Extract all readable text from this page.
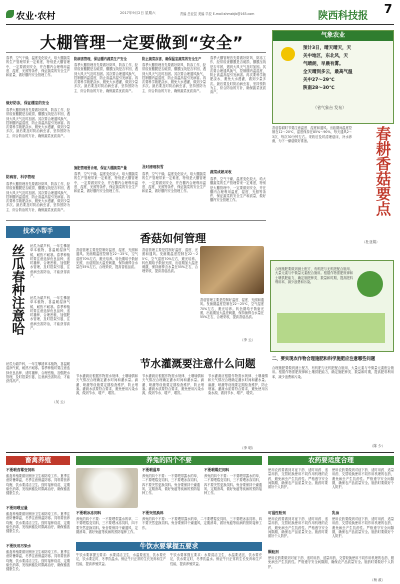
农业·农村	2017年9月2日 星期六	责编 岳亚昆 美编 毕辰 E-mail:shmxkjb@163.com	陕西科技报
7
大棚管理一定要做到“安全”
春季，空气干燥，温度变化较大，给大棚蔬菜的生产管理带来一定难度，特别是大棚管理中，一定要做到安全，并在棚内合理利用温度、湿度、光照等条件，保证蔬菜的安全生产和质量，做好棚内安全管理工作。
做好防冻，保证棚室的安全
春季大棚管理首先要做好防风、防冻工作，经常检查棚膜是否破损，棚膜压线是否牢固，遇到大风天气及时加固。其次要合理通风换气，控制棚内温湿度，防止高温高湿引发病害。再次要科学施肥浇水，避免大水漫灌，做到少量多次。最后要及时防治病虫害，坚持预防为主、综合防治的方针，确保蔬菜优质高产。
防病害，科学管理
春季大棚管理首先要做好防风、防冻工作，经常检查棚膜是否破损，棚膜压线是否牢固，遇到大风天气及时加固。其次要合理通风换气，控制棚内温湿度，防止高温高湿引发病害。再次要科学施肥浇水，避免大水漫灌，做到少量多次。最后要及时防治病虫害，坚持预防为主、综合防治的方针，确保蔬菜优质高产。
防病害管理，保证棚内蔬菜生产安全
春季大棚管理首先要做好防风、防冻工作，经常检查棚膜是否破损，棚膜压线是否牢固，遇到大风天气及时加固。其次要合理通风换气，控制棚内温湿度，防止高温高湿引发病害。再次要科学施肥浇水，避免大水漫灌，做到少量多次。最后要及时防治病虫害，坚持预防为主、综合防治的方针，确保蔬菜优质高产。
施肥管理要合理，保证大棚蔬菜产量
春季，空气干燥，温度变化较大，给大棚蔬菜的生产管理带来一定难度，特别是大棚管理中，一定要做到安全，并在棚内合理利用温度、湿度、光照等条件，保证蔬菜的安全生产和质量，做好棚内安全管理工作。
防止蔬菜冻害，确保温室蔬菜的安全生产
春季大棚管理首先要做好防风、防冻工作，经常检查棚膜是否破损，棚膜压线是否牢固，遇到大风天气及时加固。其次要合理通风换气，控制棚内温湿度，防止高温高湿引发病害。再次要科学施肥浇水，避免大水漫灌，做到少量多次。最后要及时防治病虫害，坚持预防为主、综合防治的方针，确保蔬菜优质高产。
及时清理积雪
春季，空气干燥，温度变化较大，给大棚蔬菜的生产管理带来一定难度，特别是大棚管理中，一定要做到安全，并在棚内合理利用温度、湿度、光照等条件，保证蔬菜的安全生产和质量，做好棚内安全管理工作。
春季大棚管理首先要做好防风、防冻工作，经常检查棚膜是否破损，棚膜压线是否牢固，遇到大风天气及时加固。其次要合理通风换气，控制棚内温湿度，防止高温高湿引发病害。再次要科学施肥浇水，避免大水漫灌，做到少量多次。最后要及时防治病虫害，坚持预防为主、综合防治的方针，确保蔬菜优质高产。
蔬菜成熟采收
春季，空气干燥，温度变化较大，给大棚蔬菜的生产管理带来一定难度，特别是大棚管理中，一定要做到安全，并在棚内合理利用温度、湿度、光照等条件，保证蔬菜的安全生产和质量，做好棚内安全管理工作。
气象农业
预计3日，晴天晴天，天
关中地区，东北风，天
气晴朗，早晨有雾。
全天晴到多云，最高气温
关中27～29℃
陕南28～30℃
（省气象台 发布）
香菇春耕时节要注意温度、湿度和通风。出菇期间温度控制在12～20℃，湿度保持在85%～90%，每天通风2～3次，每次30分钟左右。采收后及时清理菇床，补水养菌，为下一潮菇做好准备。	春耕香菇要点
（杜亚娟）
技术小帮手
丝瓜春种注意哈	丝瓜为葫芦科，一年生攀援草本植物，喜温暖湿润气候，耐热不耐寒。春季种植时要注意选择优良品种，适时播种，合理密植，加强肥水管理，及时搭架引蔓，注意病虫害防治，才能获得高产。
丝瓜为葫芦科，一年生攀援草本植物，喜温暖湿润气候，耐热不耐寒。春季种植时要注意选择优良品种，适时播种，合理密植，加强肥水管理，及时搭架引蔓，注意病虫害防治，才能获得高产。
丝瓜为葫芦科，一年生攀援草本植物，喜温暖湿润气候，耐热不耐寒。春季种植时要注意选择优良品种，适时播种，合理密植，加强肥水管理，及时搭架引蔓，注意病虫害防治，才能获得高产。
（吴 云）
香菇如何管理
香菇管理主要是控制好温度、湿度、光照和通风。发菌期温度控制在22～25℃，空气湿度70%左右，避光培养。转色期给予散射光照，出菇期加大温差刺激，保持菌棒含水量在55%左右，合理采收，提高香菇品质。
香菇管理主要是控制好温度、湿度、光照和通风。发菌期温度控制在22～25℃，空气湿度70%左右，避光培养。转色期给予散射光照，出菇期加大温差刺激，保持菌棒含水量在55%左右，合理采收，提高香菇品质。
香菇管理主要是控制好温度、湿度、光照和通风。发菌期温度控制在22～25℃，空气湿度70%左右，避光培养。转色期给予散射光照，出菇期加大温差刺激，保持菌棒含水量在55%左右，合理采收，提高香菇品质。
（李 云）
合理施肥要做到测土配方，有机肥与无机肥配合施用，大量元素与中微量元素配合施用。根据作物需肥规律和土壤供肥能力，确定施肥种类、数量和时期，提高肥料利用率，减少浪费和污染。
节水灌溉要注意什么问题
节水灌溉应根据作物需水规律、土壤墒情和天气情况合理确定灌水时间和灌水量。滴灌、喷灌等设施要定期检查维护，防止堵塞。灌溉水质要符合要求，避免使用污染水源，做到节水、增产、增效。
节水灌溉应根据作物需水规律、土壤墒情和天气情况合理确定灌水时间和灌水量。滴灌、喷灌等设施要定期检查维护，防止堵塞。灌溉水质要符合要求，避免使用污染水源，做到节水、增产、增效。
节水灌溉应根据作物需水规律、土壤墒情和天气情况合理确定灌水时间和灌水量。滴灌、喷灌等设施要定期检查维护，防止堵塞。灌溉水质要符合要求，避免使用污染水源，做到节水、增产、增效。
（李 明）
二、要实现农作物合理施肥和科学施肥应注意哪些问题
合理施肥要做到测土配方，有机肥与无机肥配合施用，大量元素与中微量元素配合施用。根据作物需肥规律和土壤供肥能力，确定施肥种类、数量和时期，提高肥料利用率，减少浪费和污染。
（陈 少）
畜禽养殖
不要喂食霉变饲料
畜禽养殖要做好圈舍卫生和防疫工作。夏季注意防暑降温，冬季注意保温防寒。饲料要营养均衡，饮水要清洁卫生。按时接种疫苗，定期驱虫消毒，发现病畜及时隔离治疗，确保畜禽健康生长。
不要饲喂过量
畜禽养殖要做好圈舍卫生和防疫工作。夏季注意防暑降温，冬季注意保温防寒。饲料要营养均衡，饮水要清洁卫生。按时接种疫苗，定期驱虫消毒，发现病畜及时隔离治疗，确保畜禽健康生长。
不要饮用污染水
畜禽养殖要做好圈舍卫生和防疫工作。夏季注意防暑降温，冬季注意保温防寒。饲料要营养均衡，饮水要清洁卫生。按时接种疫苗，定期驱虫消毒，发现病畜及时隔离治疗，确保畜禽健康生长。
养兔的四个不要
不要喂湿草
养兔的四个不要：一不要喂带露水的草，二不要喂霉变饲料，三不要喂冰冻饲料，四不要突然更换饲料。兔舍要保持干燥通风，定期消毒，做好兔瘟等疾病的预防接种工作。
不要喂霉烂饲料
养兔的四个不要：一不要喂带露水的草，二不要喂霉变饲料，三不要喂冰冻饲料，四不要突然更换饲料。兔舍要保持干燥通风，定期消毒，做好兔瘟等疾病的预防接种工作。
不要喂冰冻饲料
养兔的四个不要：一不要喂带露水的草，二不要喂霉变饲料，三不要喂冰冻饲料，四不要突然更换饲料。兔舍要保持干燥通风，定期消毒，做好兔瘟等疾病的预防接种工作。
不要突然换料
养兔的四个不要：一不要喂带露水的草，二不要喂霉变饲料，三不要喂冰冻饲料，四不要突然更换饲料。兔舍要保持干燥通风，定期消毒，做好兔瘟等疾病的预防接种工作。
牛饮水要掌握五要求
牛饮水要掌握五要求：水要清洁卫生，水温要适宜，饮水要充足，饮水要定时，冬季饮温水。保证牛只正常的生长发育和生产性能，提高养殖效益。
牛饮水要掌握五要求：水要清洁卫生，水温要适宜，饮水要充足，饮水要定时，冬季饮温水。保证牛只正常的生长发育和生产性能，提高养殖效益。
农药要适度合理
使用农药要做到对症下药、适时用药、适量用药，交替轮换使用不同作用机理的农药，避免病虫产生抗药性。严格遵守安全间隔期，确保农产品质量安全。施药时要做好个人防护。
使用农药要做到对症下药、适时用药、适量用药，交替轮换使用不同作用机理的农药，避免病虫产生抗药性。严格遵守安全间隔期，确保农产品质量安全。施药时要做好个人防护。
可湿性粉剂
使用农药要做到对症下药、适时用药、适量用药，交替轮换使用不同作用机理的农药，避免病虫产生抗药性。严格遵守安全间隔期，确保农产品质量安全。施药时要做好个人防护。
乳油
使用农药要做到对症下药、适时用药、适量用药，交替轮换使用不同作用机理的农药，避免病虫产生抗药性。严格遵守安全间隔期，确保农产品质量安全。施药时要做好个人防护。
颗粒剂
使用农药要做到对症下药、适时用药、适量用药，交替轮换使用不同作用机理的农药，避免病虫产生抗药性。严格遵守安全间隔期，确保农产品质量安全。施药时要做好个人防护。
（杨 政）
